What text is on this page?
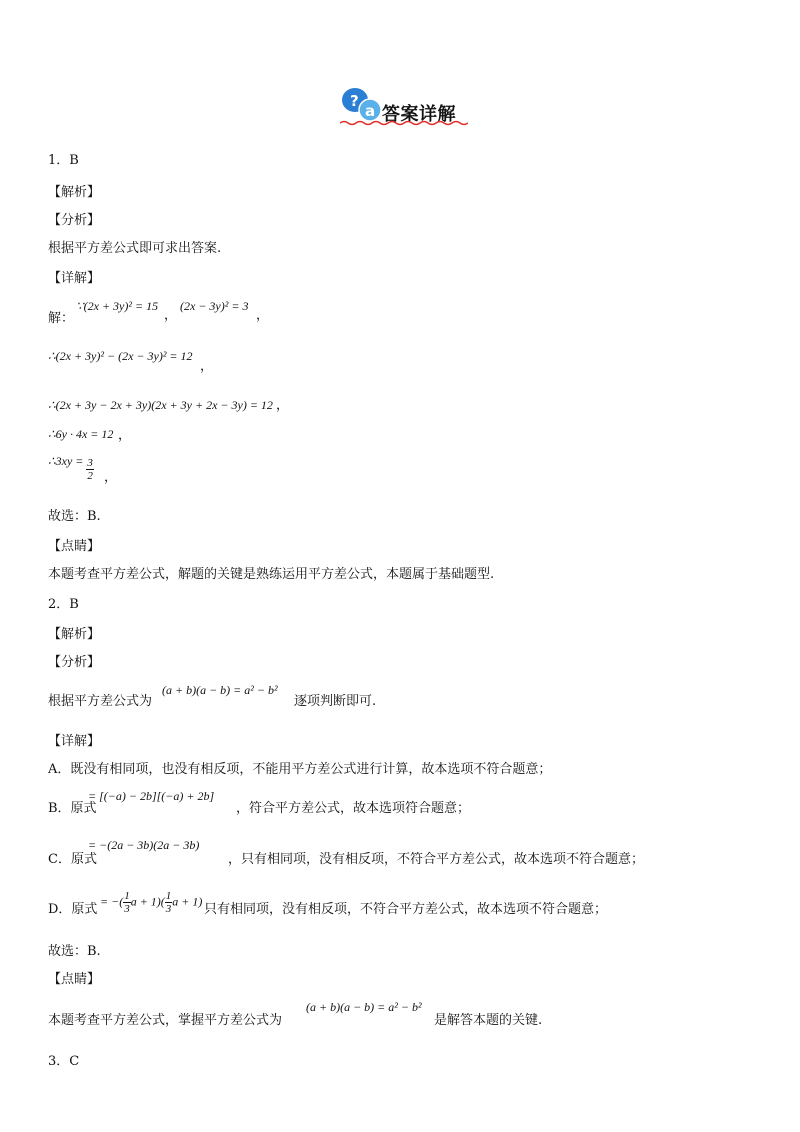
?
a 答案详解
1．B
【解析】
【分析】
根据平方差公式即可求出答案.
【详解】
解：
∵(2x + 3y)² = 15
，
(2x − 3y)² = 3
，
∴(2x + 3y)² − (2x − 3y)² = 12
，
∴(2x + 3y − 2x + 3y)(2x + 3y + 2x − 3y) = 12 ，
∴6y · 4x = 12 ，
∴3xy = $\frac{3}{2}$ ，
故选：B.
【点睛】
本题考查平方差公式，解题的关键是熟练运用平方差公式，本题属于基础题型.
2．B
【解析】
【分析】
根据平方差公式为
(a + b)(a − b) = a² − b²
逐项判断即可.
【详解】
A．既没有相同项，也没有相反项，不能用平方差公式进行计算，故本选项不符合题意；
B．原式
= [(−a) − 2b][(−a) + 2b]
，符合平方差公式，故本选项符合题意；
C．原式
= −(2a − 3b)(2a − 3b)
，只有相同项，没有相反项，不符合平方差公式，故本选项不符合题意；
D．原式
= −( $\frac{1}{3}$ $a + 1)( \frac{1}{3}$ a + 1)
只有相同项，没有相反项，不符合平方差公式，故本选项不符合题意；
故选：B.
【点睛】
本题考查平方差公式，掌握平方差公式为
(a + b)(a − b) = a² − b²
是解答本题的关键.
3．C
